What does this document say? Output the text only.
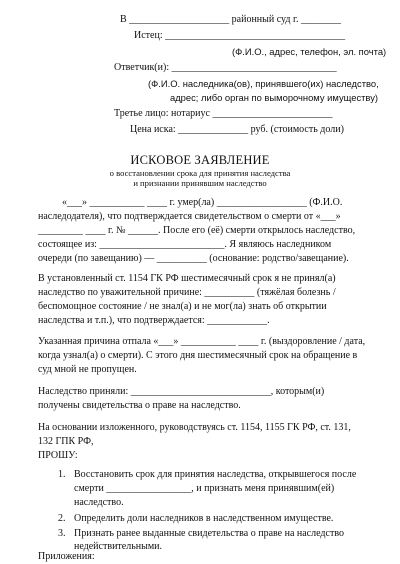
В ____________________ районный суд г. ________
Истец: ____________________________________
(Ф.И.О., адрес, телефон, эл. почта)
Ответчик(и): _________________________________
(Ф.И.О. наследника(ов), принявшего(их) наследство,
адрес; либо орган по выморочному имуществу)
Третье лицо: нотариус ________________________
Цена иска: ______________ руб. (стоимость доли)
ИСКОВОЕ ЗАЯВЛЕНИЕ
о восстановлении срока для принятия наследства
и признании принявшим наследство
«___» ___________ ____ г. умер(ла) __________________ (Ф.И.О.
наследодателя), что подтверждается свидетельством о смерти от «___»
_________ ____ г. № ______. После его (её) смерти открылось наследство,
состоящее из: _________________________. Я являюсь наследником
очереди (по завещанию) — __________ (основание: родство/завещание).
В установленный ст. 1154 ГК РФ шестимесячный срок я не принял(а)
наследство по уважительной причине: __________ (тяжёлая болезнь /
беспомощное состояние / не знал(а) и не мог(ла) знать об открытии
наследства и т.п.), что подтверждается: ____________.
Указанная причина отпала «___» ___________ ____ г. (выздоровление / дата,
когда узнал(а) о смерти). С этого дня шестимесячный срок на обращение в
суд мной не пропущен.
Наследство приняли: ____________________________, которым(и)
получены свидетельства о праве на наследство.
На основании изложенного, руководствуясь ст. 1154, 1155 ГК РФ, ст. 131,
132 ГПК РФ,
ПРОШУ:
1. Восстановить срок для принятия наследства, открывшегося после
смерти _________________, и признать меня принявшим(ей)
наследство.
2. Определить доли наследников в наследственном имуществе.
3. Признать ранее выданные свидетельства о праве на наследство
недействительными.
Приложения:
